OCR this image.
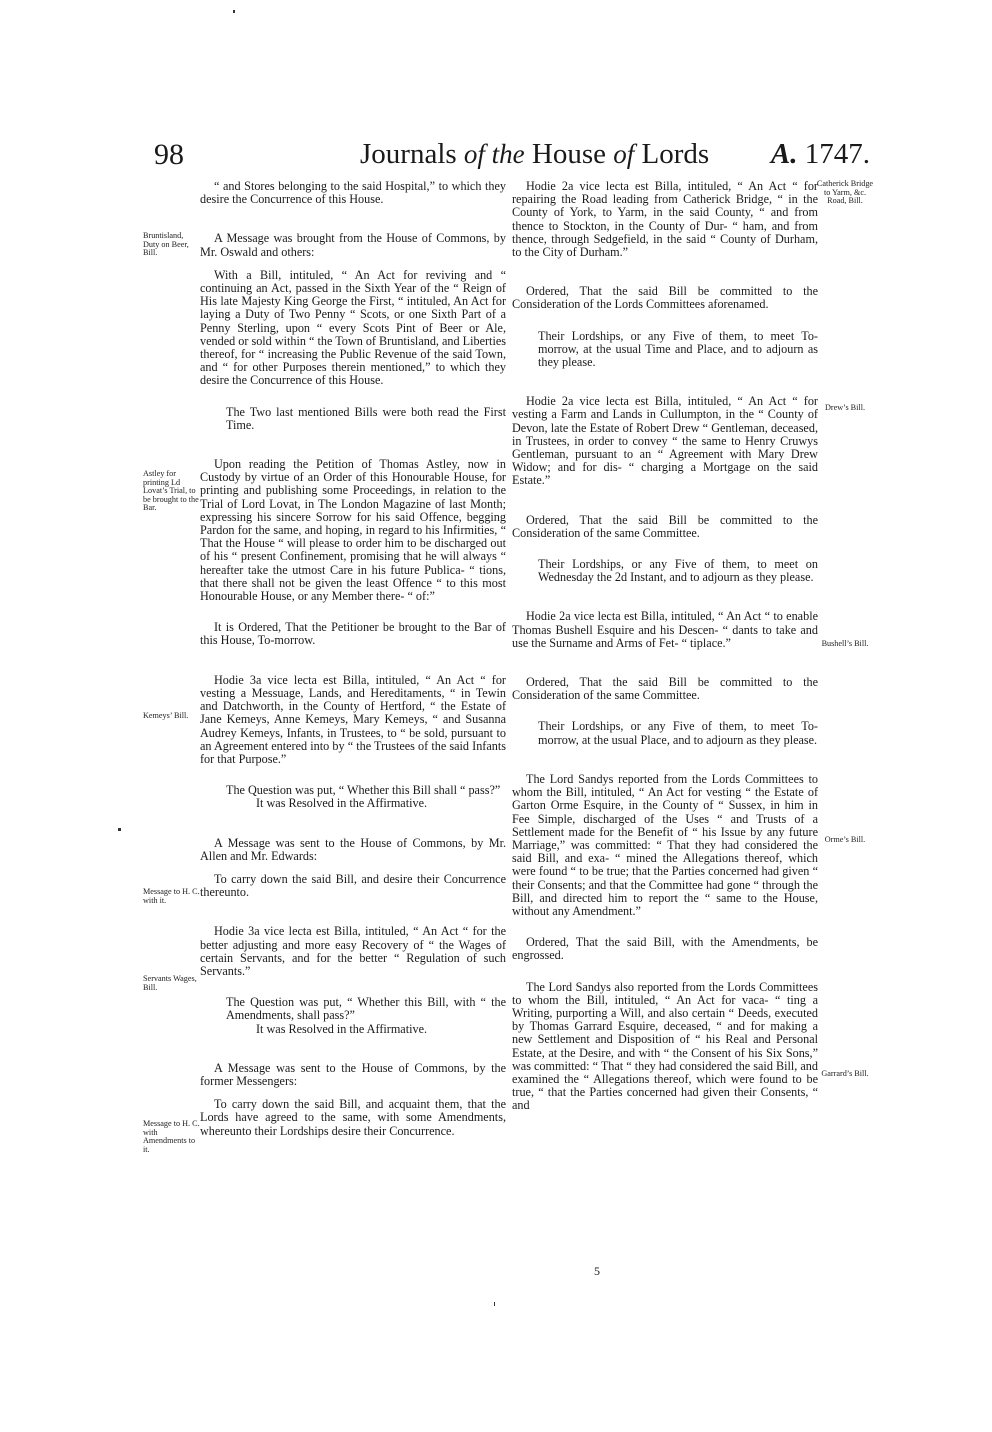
98	Journals of the House of Lords A. 1747.
“ and Stores belonging to the said Hospital,” to which they desire the Concurrence of this House.
A Message was brought from the House of Commons, by Mr. Oswald and others:
With a Bill, intituled, “ An Act for reviving and “ continuing an Act, passed in the Sixth Year of the “ Reign of His late Majesty King George the First, “ intituled, An Act for laying a Duty of Two Penny “ Scots, or one Sixth Part of a Penny Sterling, upon “ every Scots Pint of Beer or Ale, vended or sold within “ the Town of Bruntisland, and Liberties thereof, for “ increasing the Public Revenue of the said Town, and “ for other Purposes therein mentioned,” to which they desire the Concurrence of this House.
The Two last mentioned Bills were both read the First Time.
Upon reading the Petition of Thomas Astley, now in Custody by virtue of an Order of this Honourable House, for printing and publishing some Proceedings, in relation to the Trial of Lord Lovat, in The London Magazine of last Month; expressing his sincere Sorrow for his said Offence, begging Pardon for the same, and hoping, in regard to his Infirmities, “ That the House “ will please to order him to be discharged out of his “ present Confinement, promising that he will always “ hereafter take the utmost Care in his future Publica- “ tions, that there shall not be given the least Offence “ to this most Honourable House, or any Member there- “ of:”
It is Ordered, That the Petitioner be brought to the Bar of this House, To-morrow.
Hodie 3a vice lecta est Billa, intituled, “ An Act “ for vesting a Messuage, Lands, and Hereditaments, “ in Tewin and Datchworth, in the County of Hertford, “ the Estate of Jane Kemeys, Anne Kemeys, Mary Kemeys, “ and Susanna Audrey Kemeys, Infants, in Trustees, to “ be sold, pursuant to an Agreement entered into by “ the Trustees of the said Infants for that Purpose.”
The Question was put, “ Whether this Bill shall “ pass?”
It was Resolved in the Affirmative.
A Message was sent to the House of Commons, by Mr. Allen and Mr. Edwards:
To carry down the said Bill, and desire their Concurrence thereunto.
Hodie 3a vice lecta est Billa, intituled, “ An Act “ for the better adjusting and more easy Recovery of “ the Wages of certain Servants, and for the better “ Regulation of such Servants.”
The Question was put, “ Whether this Bill, with “ the Amendments, shall pass?”
It was Resolved in the Affirmative.
A Message was sent to the House of Commons, by the former Messengers:
To carry down the said Bill, and acquaint them, that the Lords have agreed to the same, with some Amendments, whereunto their Lordships desire their Concurrence.
Hodie 2a vice lecta est Billa, intituled, “ An Act “ for repairing the Road leading from Catherick Bridge, “ in the County of York, to Yarm, in the said County, “ and from thence to Stockton, in the County of Dur- “ ham, and from thence, through Sedgefield, in the said “ County of Durham, to the City of Durham.”
Ordered, That the said Bill be committed to the Consideration of the Lords Committees aforenamed.
Their Lordships, or any Five of them, to meet To-morrow, at the usual Time and Place, and to adjourn as they please.
Hodie 2a vice lecta est Billa, intituled, “ An Act “ for vesting a Farm and Lands in Cullumpton, in the “ County of Devon, late the Estate of Robert Drew “ Gentleman, deceased, in Trustees, in order to convey “ the same to Henry Cruwys Gentleman, pursuant to an “ Agreement with Mary Drew Widow; and for dis- “ charging a Mortgage on the said Estate.”
Ordered, That the said Bill be committed to the Consideration of the same Committee.
Their Lordships, or any Five of them, to meet on Wednesday the 2d Instant, and to adjourn as they please.
Hodie 2a vice lecta est Billa, intituled, “ An Act “ to enable Thomas Bushell Esquire and his Descen- “ dants to take and use the Surname and Arms of Fet- “ tiplace.”
Ordered, That the said Bill be committed to the Consideration of the same Committee.
Their Lordships, or any Five of them, to meet To-morrow, at the usual Place, and to adjourn as they please.
The Lord Sandys reported from the Lords Committees to whom the Bill, intituled, “ An Act for vesting “ the Estate of Garton Orme Esquire, in the County of “ Sussex, in him in Fee Simple, discharged of the Uses “ and Trusts of a Settlement made for the Benefit of “ his Issue by any future Marriage,” was committed: “ That they had considered the said Bill, and exa- “ mined the Allegations thereof, which were found “ to be true; that the Parties concerned had given “ their Consents; and that the Committee had gone “ through the Bill, and directed him to report the “ same to the House, without any Amendment.”
Ordered, That the said Bill, with the Amendments, be engrossed.
The Lord Sandys also reported from the Lords Committees to whom the Bill, intituled, “ An Act for vaca- “ ting a Writing, purporting a Will, and also certain “ Deeds, executed by Thomas Garrard Esquire, deceased, “ and for making a new Settlement and Disposition of “ his Real and Personal Estate, at the Desire, and with “ the Consent of his Six Sons,” was committed: “ That “ they had considered the said Bill, and examined the “ Allegations thereof, which were found to be true, “ that the Parties concerned had given their Consents, “ and
Bruntisland, Duty on Beer, Bill.
Astley for printing Ld Lovat’s Trial, to be brought to the Bar.
Kemeys’ Bill.
Message to H. C. with it.
Servants Wages, Bill.
Message to H. C. with Amendments to it.
Catherick Bridge to Yarm, &c. Road, Bill.
Drew’s Bill.
Bushell’s Bill.
Orme’s Bill.
Garrard’s Bill.
5
